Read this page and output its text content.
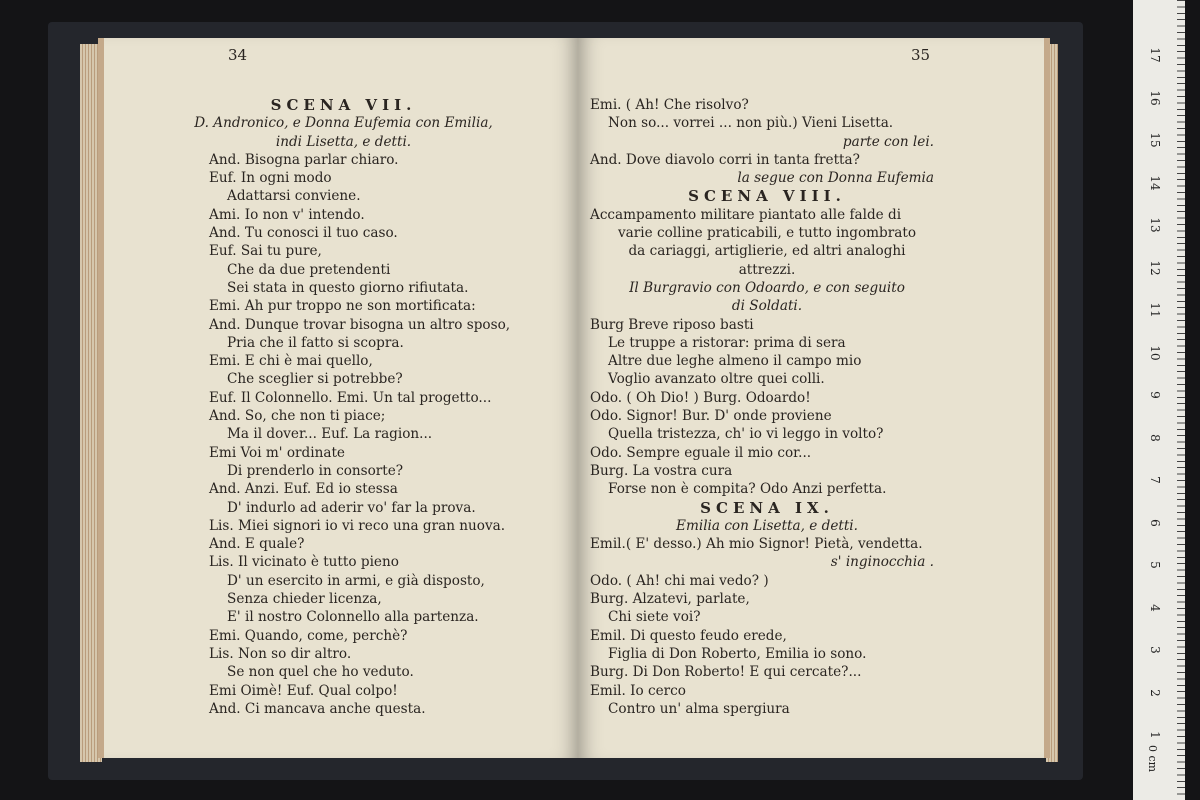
34
SCENA VII.
D. Andronico, e Donna Eufemia con Emilia,
indi Lisetta, e detti.
And. Bisogna parlar chiaro.
Euf. In ogni modo
Adattarsi conviene.
Ami. Io non v' intendo.
And. Tu conosci il tuo caso.
Euf. Sai tu pure,
Che da due pretendenti
Sei stata in questo giorno rifiutata.
Emi. Ah pur troppo ne son mortificata:
And. Dunque trovar bisogna un altro sposo,
Pria che il fatto si scopra.
Emi. E chi è mai quello,
Che sceglier si potrebbe?
Euf. Il Colonnello. Emi. Un tal progetto...
And. So, che non ti piace;
Ma il dover... Euf. La ragion...
Emi Voi m' ordinate
Di prenderlo in consorte?
And. Anzi. Euf. Ed io stessa
D' indurlo ad aderir vo' far la prova.
Lis. Miei signori io vi reco una gran nuova.
And. E quale?
Lis. Il vicinato è tutto pieno
D' un esercito in armi, e già disposto,
Senza chieder licenza,
E' il nostro Colonnello alla partenza.
Emi. Quando, come, perchè?
Lis. Non so dir altro.
Se non quel che ho veduto.
Emi Oimè! Euf. Qual colpo!
And. Ci mancava anche questa.
35
Emi. ( Ah! Che risolvo?
Non so... vorrei ... non più.) Vieni Lisetta.
parte con lei.
And. Dove diavolo corri in tanta fretta?
la segue con Donna Eufemia
SCENA VIII.
Accampamento militare piantato alle falde di
varie colline praticabili, e tutto ingombrato
da cariaggi, artiglierie, ed altri analoghi
attrezzi.
Il Burgravio con Odoardo, e con seguito
di Soldati.
Burg Breve riposo basti
Le truppe a ristorar: prima di sera
Altre due leghe almeno il campo mio
Voglio avanzato oltre quei colli.
Odo. ( Oh Dio! ) Burg. Odoardo!
Odo. Signor! Bur. D' onde proviene
Quella tristezza, ch' io vi leggo in volto?
Odo. Sempre eguale il mio cor...
Burg. La vostra cura
Forse non è compita? Odo Anzi perfetta.
SCENA IX.
Emilia con Lisetta, e detti.
Emil.( E' desso.) Ah mio Signor! Pietà, vendetta.
s' inginocchia .
Odo. ( Ah! chi mai vedo? )
Burg. Alzatevi, parlate,
Chi siete voi?
Emil. Di questo feudo erede,
Figlia di Don Roberto, Emilia io sono.
Burg. Di Don Roberto! E qui cercate?...
Emil. Io cerco
Contro un' alma spergiura
1
2
3
4
5
6
7
8
9
10
11
12
13
14
15
16
17
0 cm
